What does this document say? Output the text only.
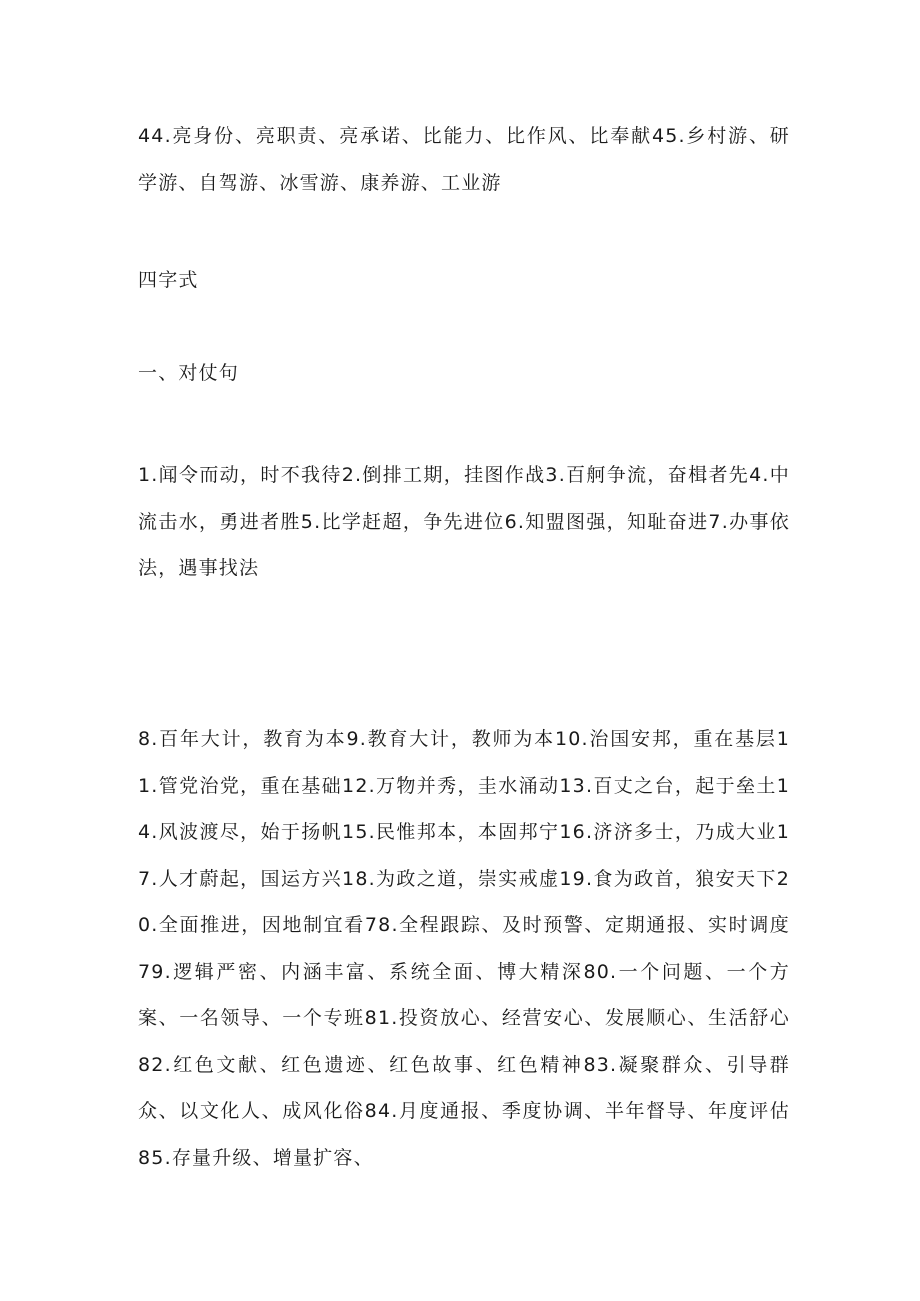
44.亮身份、亮职责、亮承诺、比能力、比作风、比奉献45.乡村游、研学游、自驾游、冰雪游、康养游、工业游

四字式

一、对仗句

1.闻令而动，时不我待2.倒排工期，挂图作战3.百舸争流，奋楫者先4.中流击水，勇进者胜5.比学赶超，争先进位6.知盟图强，知耻奋进7.办事依法，遇事找法

8.百年大计，教育为本9.教育大计，教师为本10.治国安邦，重在基层11.管党治党，重在基础12.万物并秀，圭水涌动13.百丈之台，起于垒土14.风波渡尽，始于扬帆15.民惟邦本，本固邦宁16.济济多士，乃成大业17.人才蔚起，国运方兴18.为政之道，崇实戒虚19.食为政首，狼安天下20.全面推进，因地制宜看78.全程跟踪、及时预警、定期通报、实时调度79.逻辑严密、内涵丰富、系统全面、博大精深80.一个问题、一个方案、一名领导、一个专班81.投资放心、经营安心、发展顺心、生活舒心82.红色文献、红色遗迹、红色故事、红色精神83.凝聚群众、引导群众、以文化人、成风化俗84.月度通报、季度协调、半年督导、年度评估85.存量升级、增量扩容、
